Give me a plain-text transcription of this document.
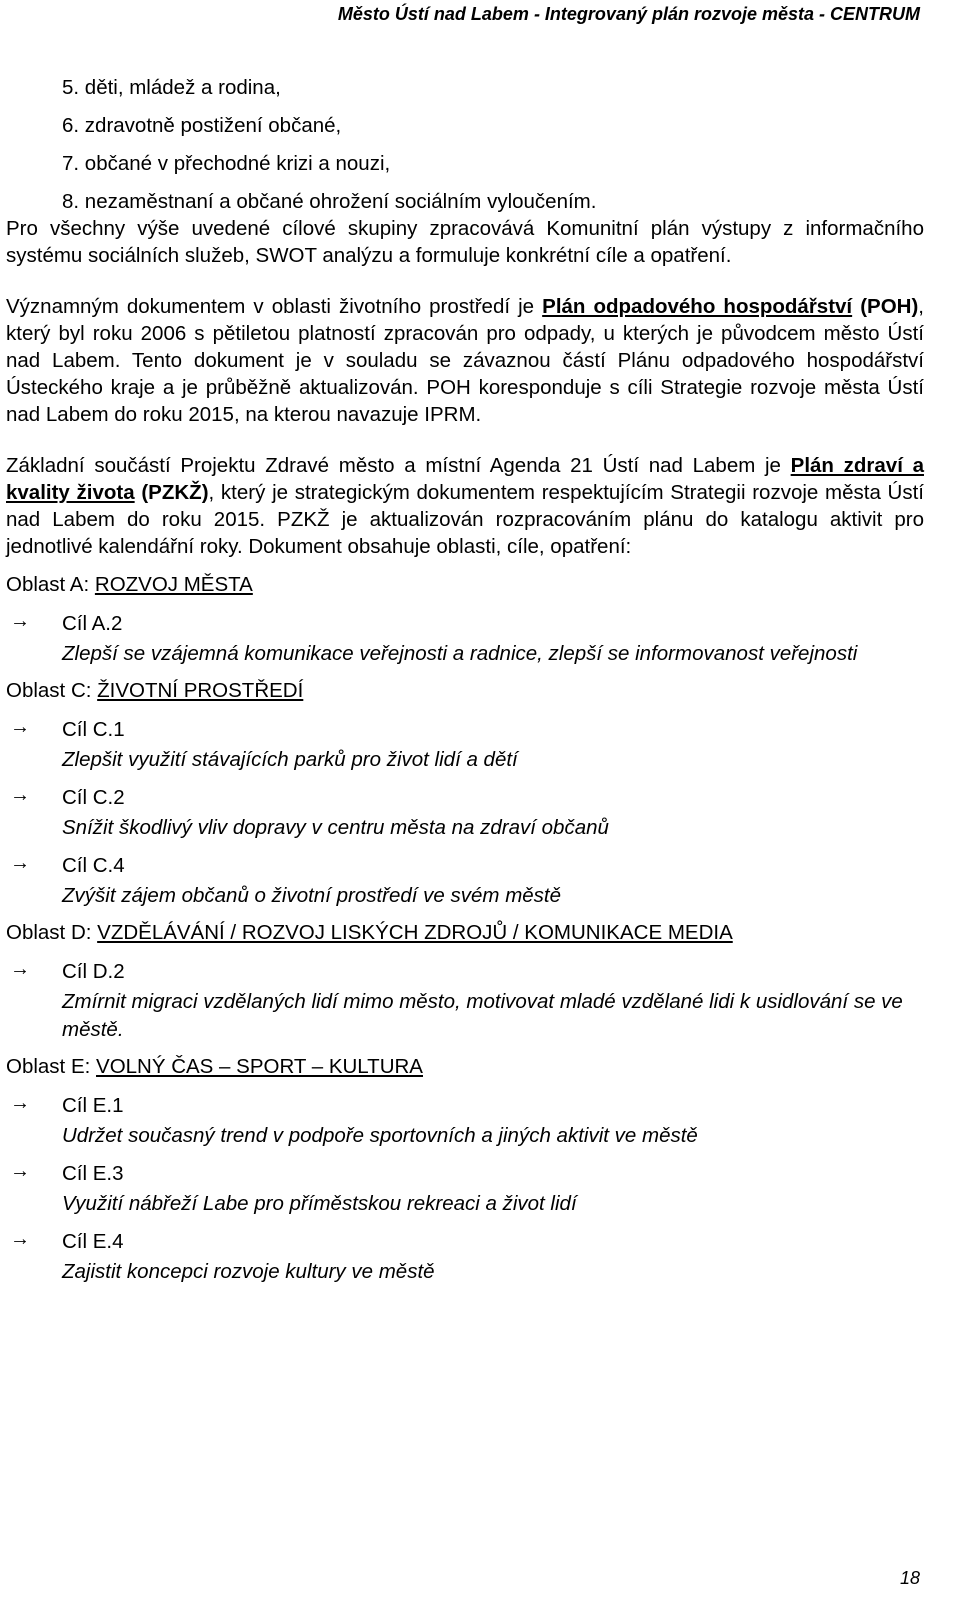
Město Ústí nad Labem - Integrovaný plán rozvoje města - CENTRUM
5. děti, mládež a rodina,
6. zdravotně postižení občané,
7. občané v přechodné krizi a nouzi,
8. nezaměstnaní a občané ohrožení sociálním vyloučením.

Pro všechny výše uvedené cílové skupiny zpracovává Komunitní plán výstupy z informačního systému sociálních služeb, SWOT analýzu a formuluje konkrétní cíle a opatření.

Významným dokumentem v oblasti životního prostředí je Plán odpadového hospodářství (POH), který byl roku 2006 s pětiletou platností zpracován pro odpady, u kterých je původcem město Ústí nad Labem. Tento dokument je v souladu se závaznou částí Plánu odpadového hospodářství Ústeckého kraje a je průběžně aktualizován. POH koresponduje s cíli Strategie rozvoje města Ústí nad Labem do roku 2015, na kterou navazuje IPRM.

Základní součástí Projektu Zdravé město a místní Agenda 21 Ústí nad Labem je Plán zdraví a kvality života (PZKŽ), který je strategickým dokumentem respektujícím Strategii rozvoje města Ústí nad Labem do roku 2015. PZKŽ je aktualizován rozpracováním plánu do katalogu aktivit pro jednotlivé kalendářní roky. Dokument obsahuje oblasti, cíle, opatření:

Oblast A: ROZVOJ MĚSTA
→	Cíl A.2
Zlepší se vzájemná komunikace veřejnosti a radnice, zlepší se informovanost veřejnosti
Oblast C: ŽIVOTNÍ PROSTŘEDÍ
→	Cíl C.1
Zlepšit využití stávajících parků pro život lidí a dětí
→	Cíl C.2
Snížit škodlivý vliv dopravy v centru města na zdraví občanů
→	Cíl C.4
Zvýšit zájem občanů o životní prostředí ve svém městě
Oblast D: VZDĚLÁVÁNÍ / ROZVOJ LISKÝCH ZDROJŮ / KOMUNIKACE MEDIA
→	Cíl D.2
Zmírnit migraci vzdělaných lidí mimo město, motivovat mladé vzdělané lidi k usidlování se ve městě.
Oblast E: VOLNÝ ČAS – SPORT – KULTURA
→	Cíl E.1
Udržet současný trend v podpoře sportovních a jiných aktivit ve městě
→	Cíl E.3
Využití nábřeží Labe pro příměstskou rekreaci a život lidí
→	Cíl E.4
Zajistit koncepci rozvoje kultury ve městě
18
